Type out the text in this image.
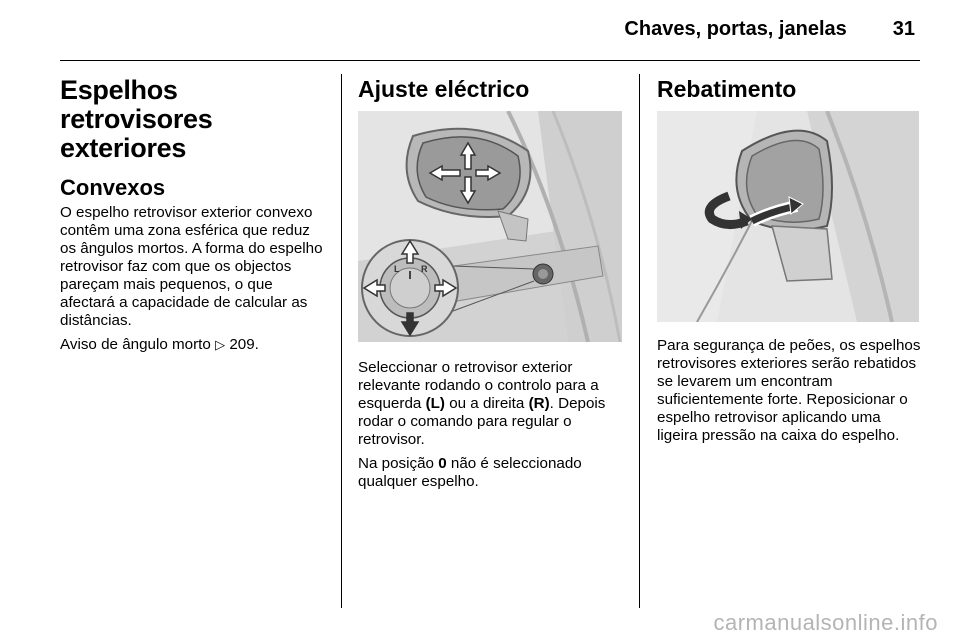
Chaves, portas, janelas 31
Espelhos retrovisores exteriores
Convexos

O espelho retrovisor exterior convexo contêm uma zona esférica que reduz os ângulos mortos. A forma do espelho retrovisor faz com que os objectos pareçam mais pequenos, o que afectará a capacidade de calcular as distâncias.

Aviso de ângulo morto ▷ 209.

Ajuste eléctrico
L R

Seleccionar o retrovisor exterior relevante rodando o controlo para a esquerda (L) ou a direita (R). Depois rodar o comando para regular o retrovisor.

Na posição 0 não é seleccionado qualquer espelho.

Rebatimento

Para segurança de peões, os espelhos retrovisores exteriores serão rebatidos se levarem um encontram suficientemente forte. Reposicionar o espelho retrovisor aplicando uma ligeira pressão na caixa do espelho.

carmanualsonline.info
